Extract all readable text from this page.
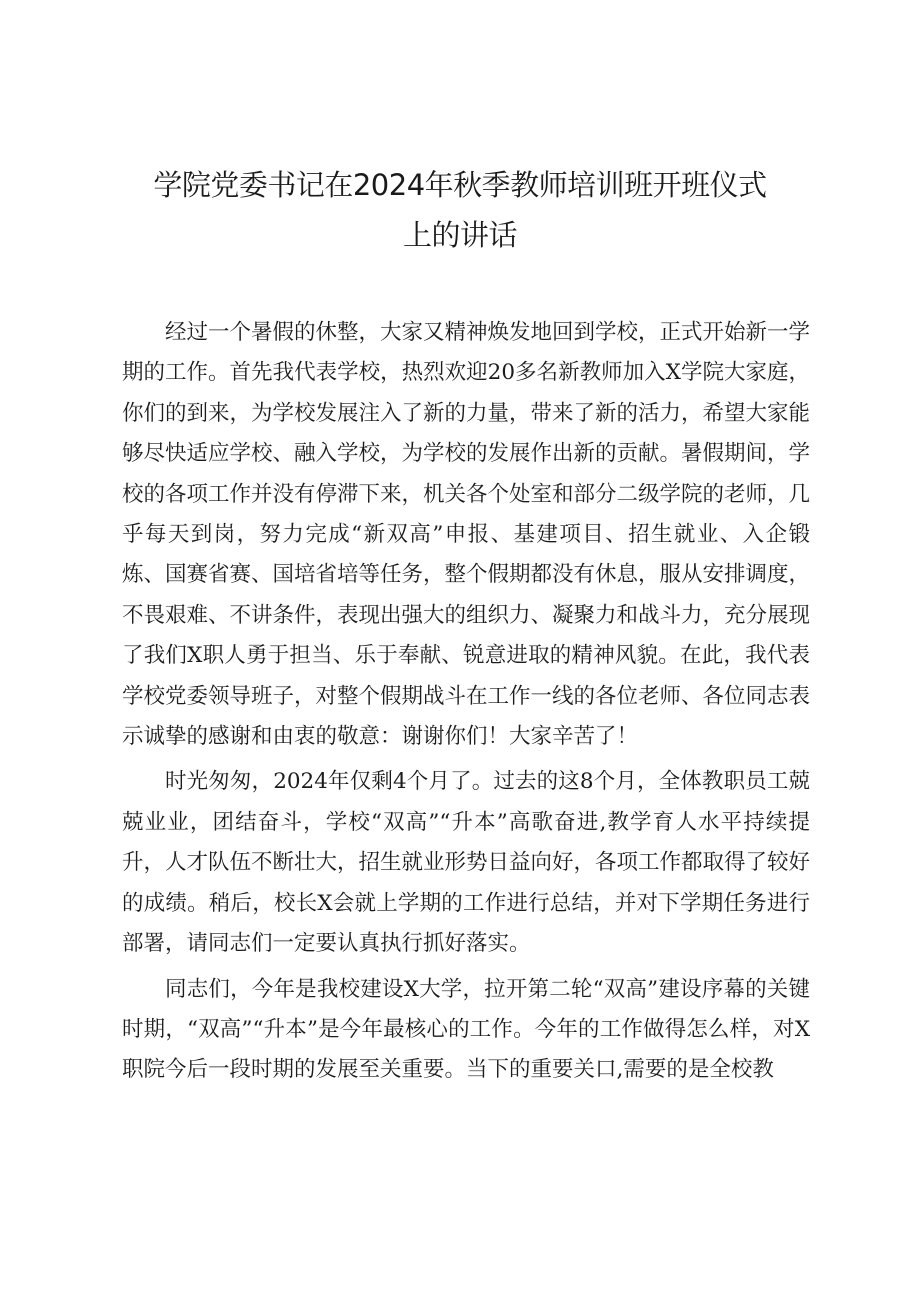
学院党委书记在2024年秋季教师培训班开班仪式上的讲话

经过一个暑假的休整，大家又精神焕发地回到学校，正式开始新一学期的工作。首先我代表学校，热烈欢迎20多名新教师加入X学院大家庭，你们的到来，为学校发展注入了新的力量，带来了新的活力，希望大家能够尽快适应学校、融入学校，为学校的发展作出新的贡献。暑假期间，学校的各项工作并没有停滞下来，机关各个处室和部分二级学院的老师，几乎每天到岗，努力完成“新双高”申报、基建项目、招生就业、入企锻炼、国赛省赛、国培省培等任务，整个假期都没有休息，服从安排调度，不畏艰难、不讲条件，表现出强大的组织力、凝聚力和战斗力，充分展现了我们X职人勇于担当、乐于奉献、锐意进取的精神风貌。在此，我代表学校党委领导班子，对整个假期战斗在工作一线的各位老师、各位同志表示诚挚的感谢和由衷的敬意：谢谢你们！大家辛苦了！

时光匆匆，2024年仅剩4个月了。过去的这8个月，全体教职员工兢兢业业，团结奋斗，学校“双高”“升本”高歌奋进,教学育人水平持续提升，人才队伍不断壮大，招生就业形势日益向好，各项工作都取得了较好的成绩。稍后，校长X会就上学期的工作进行总结，并对下学期任务进行部署，请同志们一定要认真执行抓好落实。

同志们，今年是我校建设X大学，拉开第二轮“双高”建设序幕的关键时期，“双高”“升本”是今年最核心的工作。今年的工作做得怎么样，对X职院今后一段时期的发展至关重要。当下的重要关口,需要的是全校教
